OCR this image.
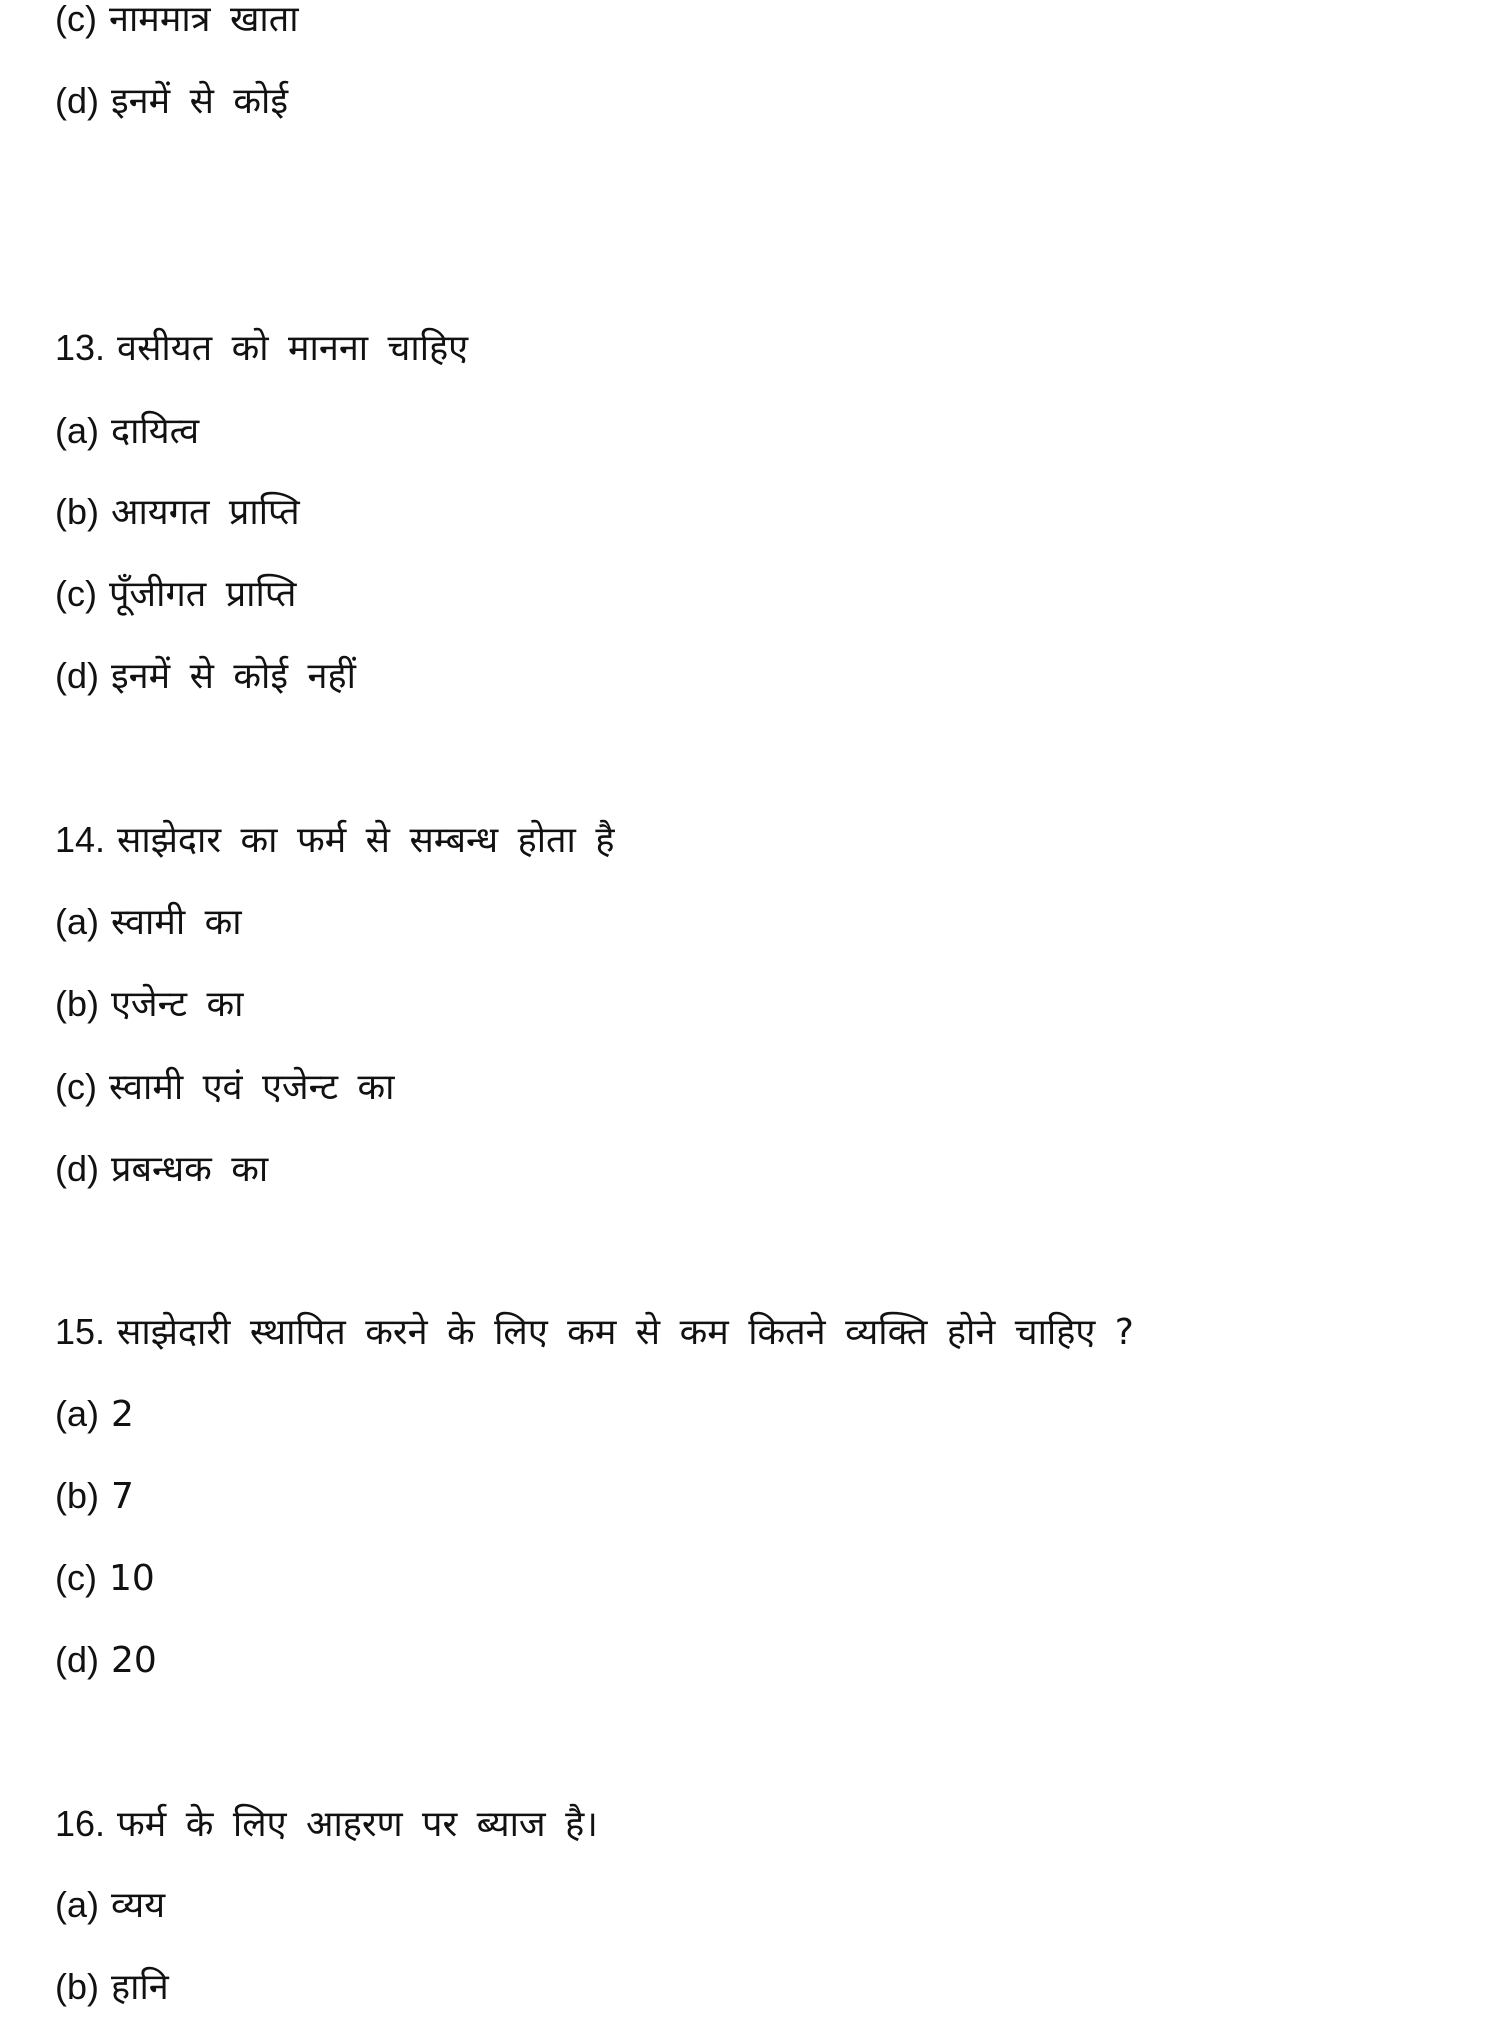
(c) नाममात्र खाता
(d) इनमें से कोई
13. वसीयत को मानना चाहिए
(a) दायित्व
(b) आयगत प्राप्ति
(c) पूँजीगत प्राप्ति
(d) इनमें से कोई नहीं
14. साझेदार का फर्म से सम्बन्ध होता है
(a) स्वामी का
(b) एजेन्ट का
(c) स्वामी एवं एजेन्ट का
(d) प्रबन्धक का
15. साझेदारी स्थापित करने के लिए कम से कम कितने व्यक्ति होने चाहिए ?
(a) 2
(b) 7
(c) 10
(d) 20
16. फर्म के लिए आहरण पर ब्याज है।
(a) व्यय
(b) हानि
